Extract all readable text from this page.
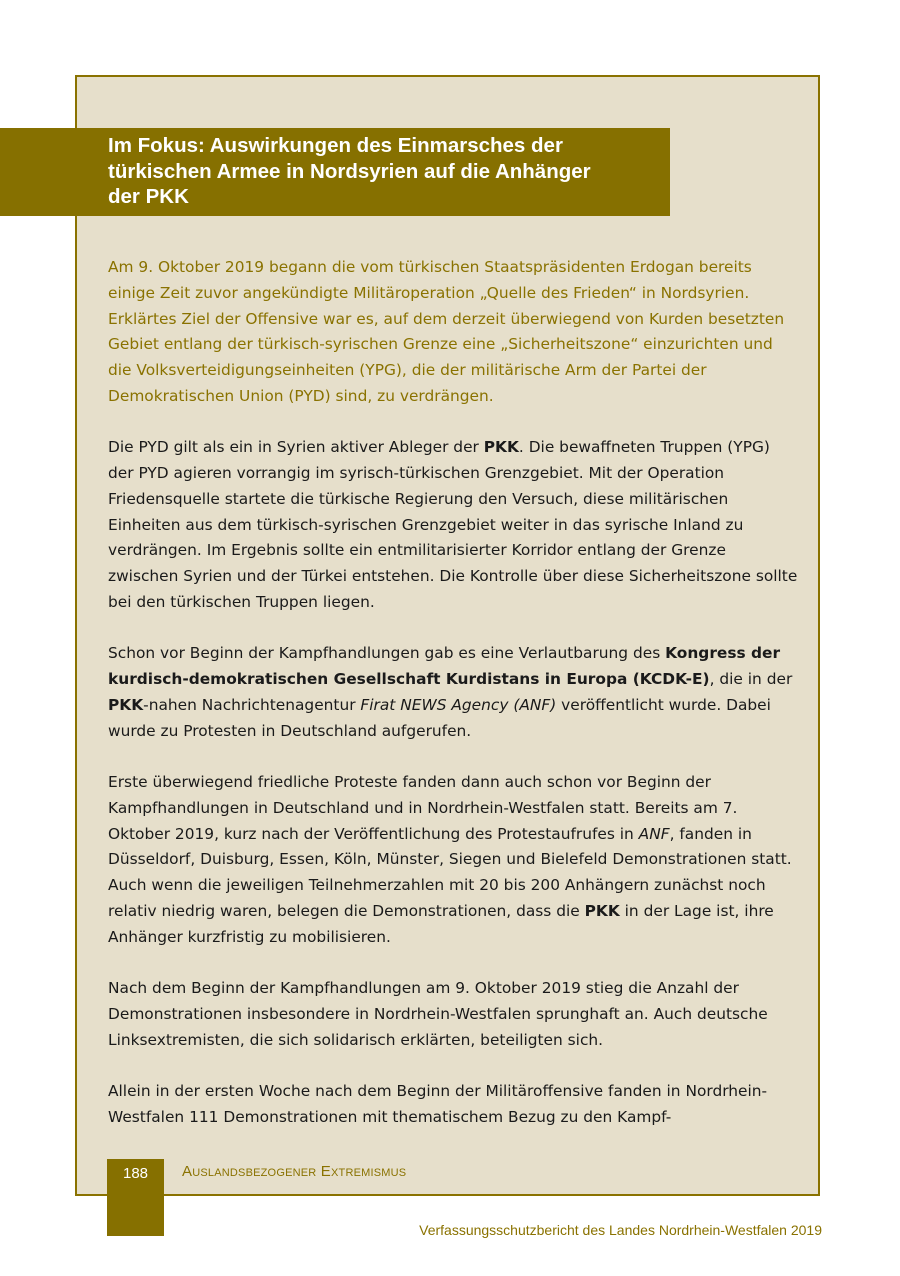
Im Fokus: Auswirkungen des Einmarsches der
türkischen Armee in Nordsyrien auf die Anhänger
der PKK

Am 9. Oktober 2019 begann die vom türkischen Staatspräsidenten Erdogan bereits einige Zeit zuvor angekündigte Militäroperation „Quelle des Frieden“ in Nordsyrien. Erklärtes Ziel der Offensive war es, auf dem derzeit überwiegend von Kurden besetzten Gebiet entlang der türkisch-syrischen Grenze eine „Sicherheitszone“ einzurichten und die Volksverteidigungseinheiten (YPG), die der militärische Arm der Partei der Demokratischen Union (PYD) sind, zu verdrängen.

Die PYD gilt als ein in Syrien aktiver Ableger der PKK. Die bewaffneten Truppen (YPG) der PYD agieren vorrangig im syrisch-türkischen Grenzgebiet. Mit der Operation Friedensquelle startete die türkische Regierung den Versuch, diese militärischen Einheiten aus dem türkisch-syrischen Grenzgebiet weiter in das syrische Inland zu verdrängen. Im Ergebnis sollte ein entmilitarisierter Korridor entlang der Grenze zwischen Syrien und der Türkei entstehen. Die Kontrolle über diese Sicherheitszone sollte bei den türkischen Truppen liegen.

Schon vor Beginn der Kampfhandlungen gab es eine Verlautbarung des Kongress der kurdisch-demokratischen Gesellschaft Kurdistans in Europa (KCDK-E), die in der PKK-nahen Nachrichtenagentur Firat NEWS Agency (ANF) veröffentlicht wurde. Dabei wurde zu Protesten in Deutschland aufgerufen.

Erste überwiegend friedliche Proteste fanden dann auch schon vor Beginn der Kampfhandlungen in Deutschland und in Nordrhein-Westfalen statt. Bereits am 7. Oktober 2019, kurz nach der Veröffentlichung des Protestaufrufes in ANF, fanden in Düsseldorf, Duisburg, Essen, Köln, Münster, Siegen und Bielefeld Demonstrationen statt. Auch wenn die jeweiligen Teilnehmerzahlen mit 20 bis 200 Anhängern zunächst noch relativ niedrig waren, belegen die Demonstrationen, dass die PKK in der Lage ist, ihre Anhänger kurzfristig zu mobilisieren.

Nach dem Beginn der Kampfhandlungen am 9. Oktober 2019 stieg die Anzahl der Demonstrationen insbesondere in Nordrhein-Westfalen sprunghaft an. Auch deutsche Linksextremisten, die sich solidarisch erklärten, beteiligten sich.

Allein in der ersten Woche nach dem Beginn der Militäroffensive fanden in Nordrhein-Westfalen 111 Demonstrationen mit thematischem Bezug zu den Kampf-

188	Auslandsbezogener Extremismus
Verfassungsschutzbericht des Landes Nordrhein-Westfalen 2019
